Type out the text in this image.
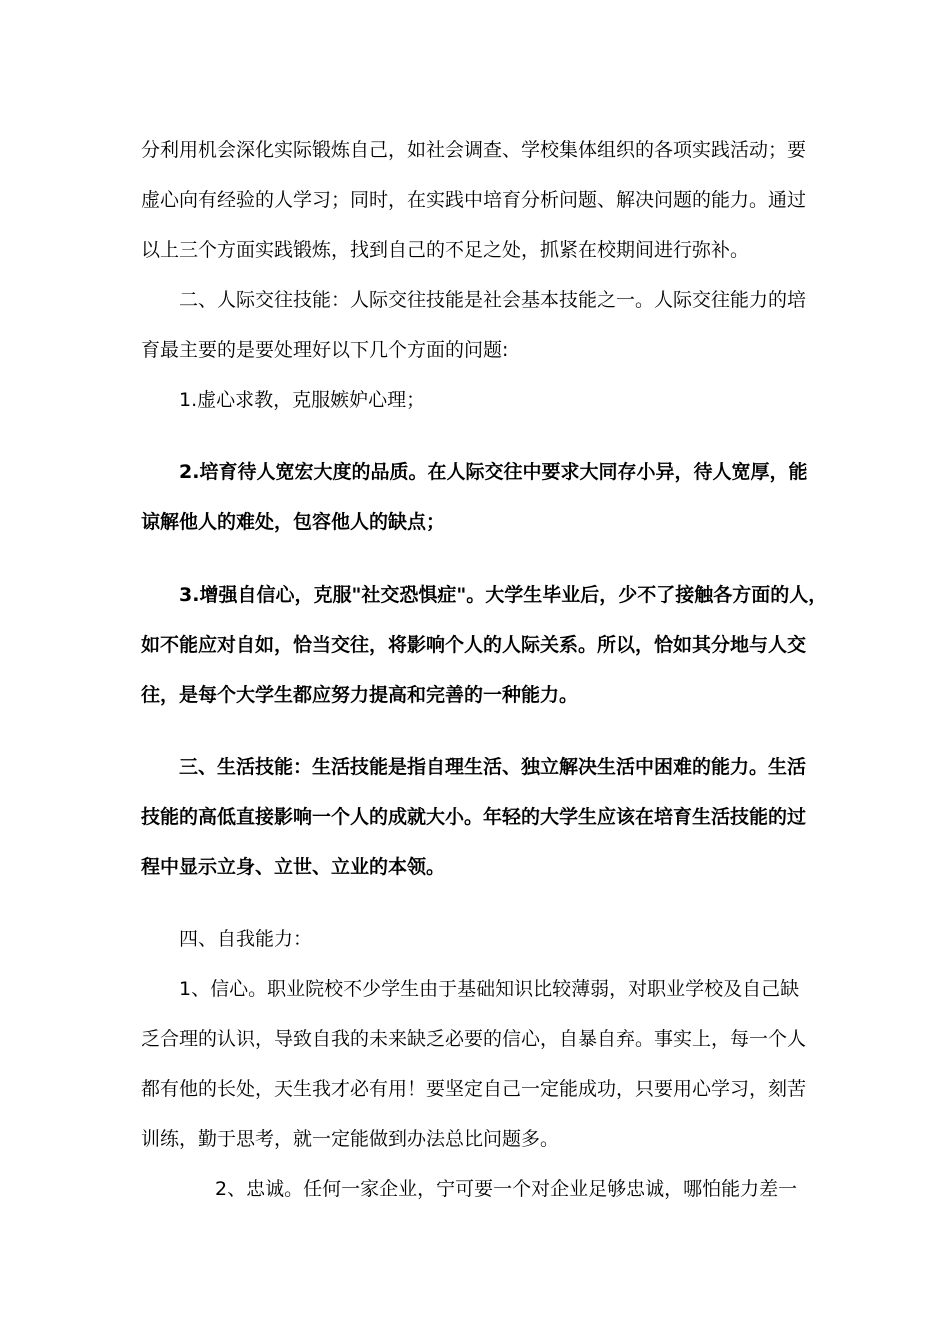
分利用机会深化实际锻炼自己，如社会调查、学校集体组织的各项实践活动；要
虚心向有经验的人学习；同时，在实践中培育分析问题、解决问题的能力。通过
以上三个方面实践锻炼，找到自己的不足之处，抓紧在校期间进行弥补。
二、人际交往技能：人际交往技能是社会基本技能之一。人际交往能力的培
育最主要的是要处理好以下几个方面的问题:
1.虚心求教，克服嫉妒心理；
2.培育待人宽宏大度的品质。在人际交往中要求大同存小异，待人宽厚，能
谅解他人的难处，包容他人的缺点；
3.增强自信心，克服"社交恐惧症"。大学生毕业后，少不了接触各方面的人，
如不能应对自如，恰当交往，将影响个人的人际关系。所以，恰如其分地与人交
往，是每个大学生都应努力提高和完善的一种能力。
三、生活技能：生活技能是指自理生活、独立解决生活中困难的能力。生活
技能的高低直接影响一个人的成就大小。年轻的大学生应该在培育生活技能的过
程中显示立身、立世、立业的本领。
四、自我能力：
1、信心。职业院校不少学生由于基础知识比较薄弱，对职业学校及自己缺
乏合理的认识，导致自我的未来缺乏必要的信心，自暴自弃。事实上，每一个人
都有他的长处，天生我才必有用！要坚定自己一定能成功，只要用心学习，刻苦
训练，勤于思考，就一定能做到办法总比问题多。
2、忠诚。任何一家企业，宁可要一个对企业足够忠诚，哪怕能力差一
